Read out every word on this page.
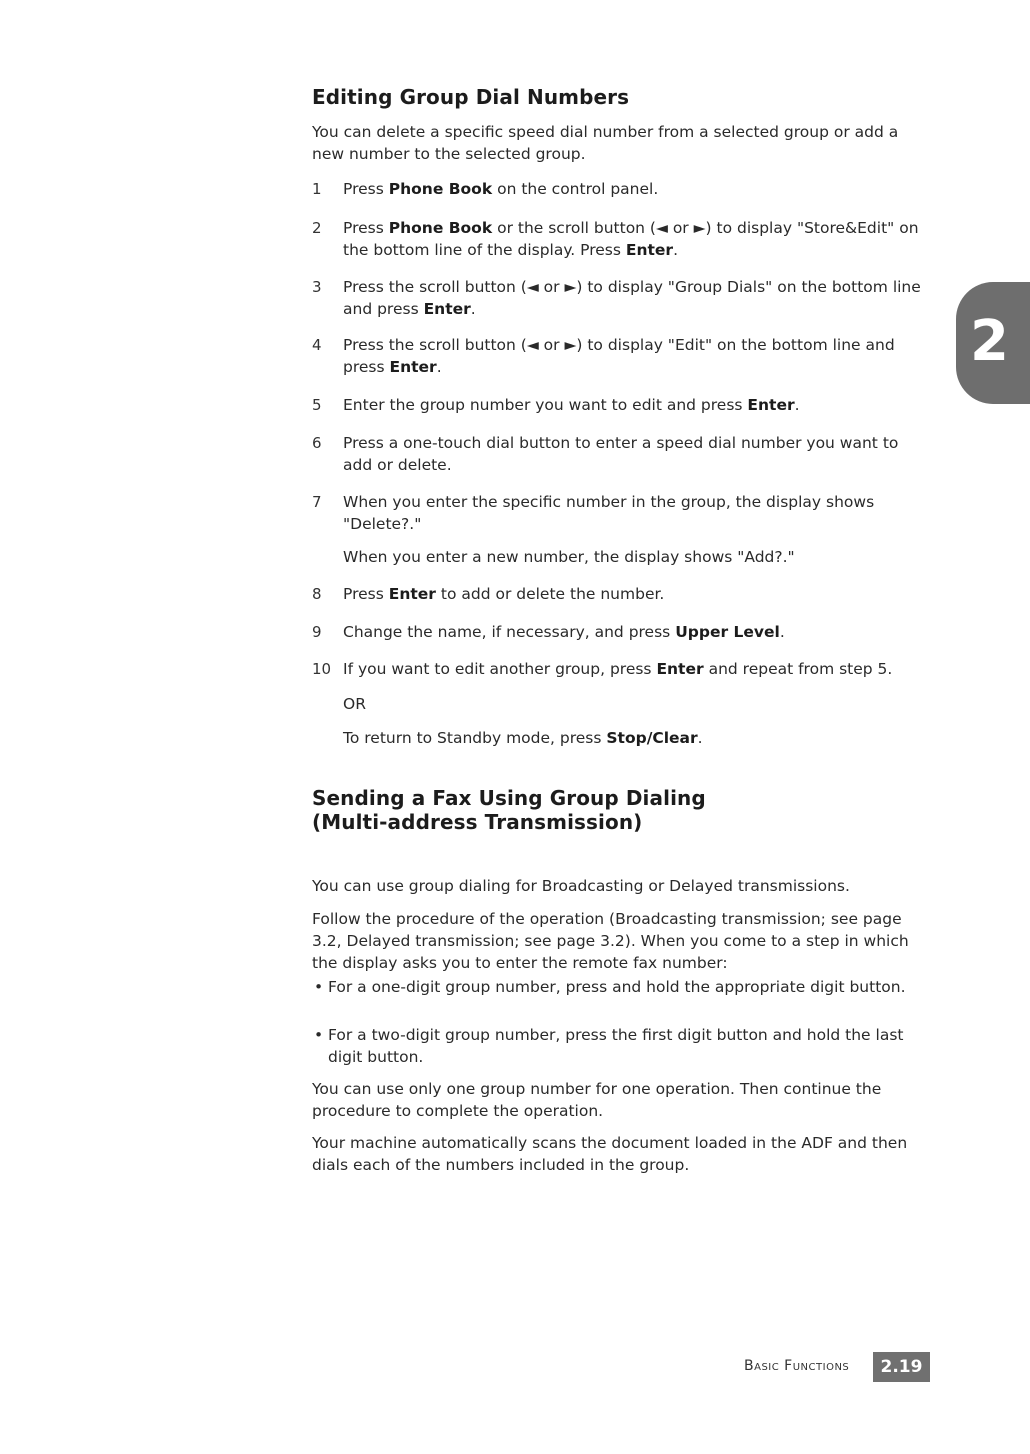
Editing Group Dial Numbers

You can delete a specific speed dial number from a selected group or add a new number to the selected group.

1	Press Phone Book on the control panel.
2	Press Phone Book or the scroll button (◄ or ►) to display "Store&Edit" on the bottom line of the display. Press Enter.
3	Press the scroll button (◄ or ►) to display "Group Dials" on the bottom line and press Enter.
4	Press the scroll button (◄ or ►) to display "Edit" on the bottom line and press Enter.
5	Enter the group number you want to edit and press Enter.
6	Press a one-touch dial button to enter a speed dial number you want to add or delete.
7	When you enter the specific number in the group, the display shows "Delete?."
When you enter a new number, the display shows "Add?."
8	Press Enter to add or delete the number.
9	Change the name, if necessary, and press Upper Level.
10 If you want to edit another group, press Enter and repeat from step 5.
OR
To return to Standby mode, press Stop/Clear.
Sending a Fax Using Group Dialing
(Multi-address Transmission)

You can use group dialing for Broadcasting or Delayed transmissions.

Follow the procedure of the operation (Broadcasting transmission; see page 3.2, Delayed transmission; see page 3.2). When you come to a step in which the display asks you to enter the remote fax number:

• For a one-digit group number, press and hold the appropriate digit button.
• For a two-digit group number, press the first digit button and hold the last digit button.

You can use only one group number for one operation. Then continue the procedure to complete the operation.

Your machine automatically scans the document loaded in the ADF and then dials each of the numbers included in the group.

2
Basic Functions	2.19
